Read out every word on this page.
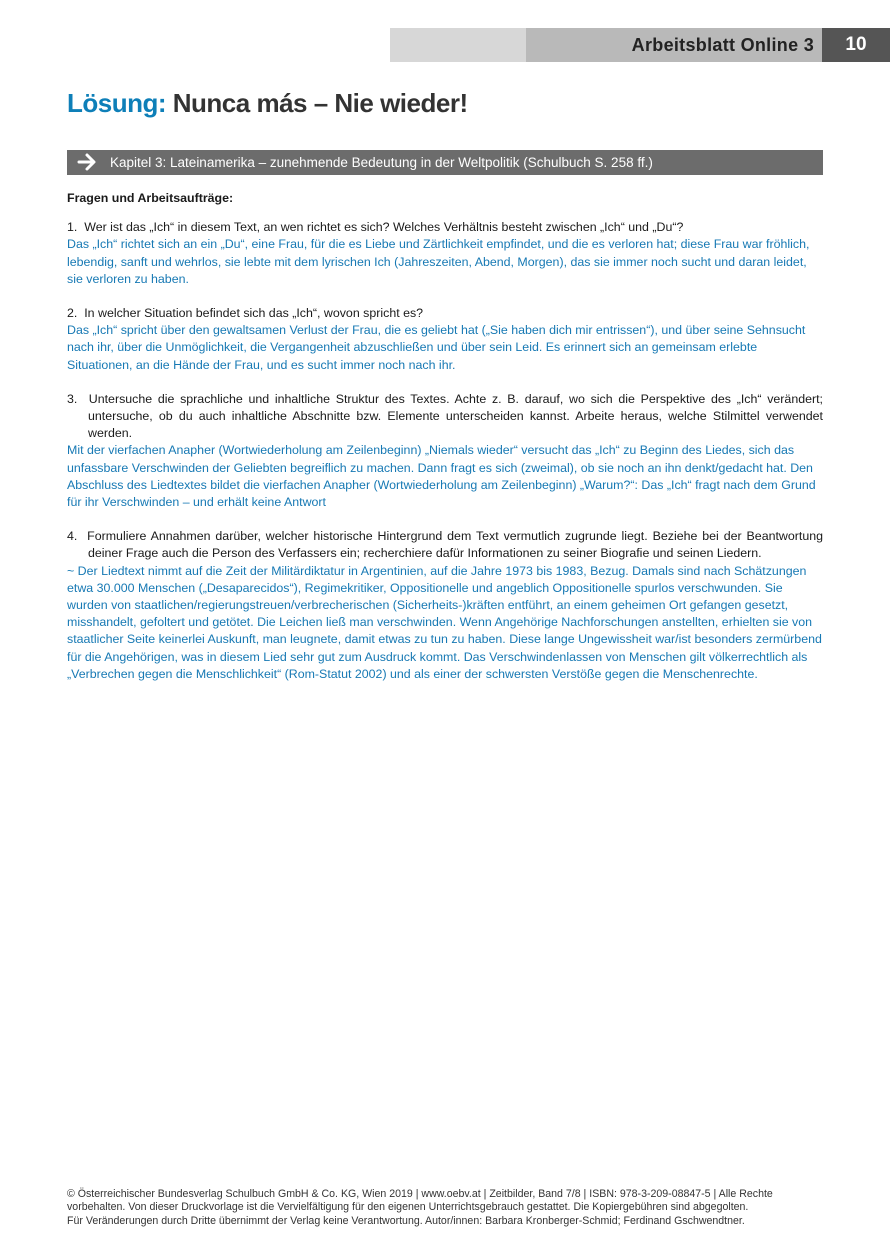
Arbeitsblatt Online 3	10
Lösung: Nunca más – Nie wieder!
Kapitel 3: Lateinamerika – zunehmende Bedeutung in der Weltpolitik (Schulbuch S. 258 ff.)
Fragen und Arbeitsaufträge:

1.  Wer ist das „Ich“ in diesem Text, an wen richtet es sich? Welches Verhältnis besteht zwischen „Ich“ und „Du“?

Das „Ich“ richtet sich an ein „Du“, eine Frau, für die es Liebe und Zärtlichkeit empfindet, und die es verloren hat; diese Frau war fröhlich, lebendig, sanft und wehrlos, sie lebte mit dem lyrischen Ich (Jahreszeiten, Abend, Morgen), das sie immer noch sucht und daran leidet, sie verloren zu haben.

2.  In welcher Situation befindet sich das „Ich“, wovon spricht es?

Das „Ich“ spricht über den gewaltsamen Verlust der Frau, die es geliebt hat („Sie haben dich mir entrissen“), und über seine Sehnsucht nach ihr, über die Unmöglichkeit, die Vergangenheit abzuschließen und über sein Leid. Es erinnert sich an gemeinsam erlebte Situationen, an die Hände der Frau, und es sucht immer noch nach ihr.

3.  Untersuche die sprachliche und inhaltliche Struktur des Textes. Achte z. B. darauf, wo sich die Perspektive des „Ich“ verändert; untersuche, ob du auch inhaltliche Abschnitte bzw. Elemente unterscheiden kannst. Arbeite heraus, welche Stilmittel verwendet werden.

Mit der vierfachen Anapher (Wortwiederholung am Zeilenbeginn) „Niemals wieder“ versucht das „Ich“ zu Beginn des Liedes, sich das unfassbare Verschwinden der Geliebten begreiflich zu machen. Dann fragt es sich (zweimal), ob sie noch an ihn denkt/gedacht hat. Den Abschluss des Liedtextes bildet die vierfachen Anapher (Wortwiederholung am Zeilenbeginn) „Warum?“: Das „Ich“ fragt nach dem Grund für ihr Verschwinden – und erhält keine Antwort

4.  Formuliere Annahmen darüber, welcher historische Hintergrund dem Text vermutlich zugrunde liegt. Beziehe bei der Beantwortung deiner Frage auch die Person des Verfassers ein; recherchiere dafür Informationen zu seiner Biografie und seinen Liedern.

~ Der Liedtext nimmt auf die Zeit der Militärdiktatur in Argentinien, auf die Jahre 1973 bis 1983, Bezug. Damals sind nach Schätzungen etwa 30.000 Menschen („Desaparecidos“), Regimekritiker, Oppositionelle und angeblich Oppositionelle spurlos verschwunden. Sie wurden von staatlichen/regierungstreuen/verbrecherischen (Sicherheits-)kräften entführt, an einem geheimen Ort gefangen gesetzt, misshandelt, gefoltert und getötet. Die Leichen ließ man verschwinden. Wenn Angehörige Nachforschungen anstellten, erhielten sie von staatlicher Seite keinerlei Auskunft, man leugnete, damit etwas zu tun zu haben. Diese lange Ungewissheit war/ist besonders zermürbend für die Angehörigen, was in diesem Lied sehr gut zum Ausdruck kommt. Das Verschwindenlassen von Menschen gilt völkerrechtlich als „Verbrechen gegen die Menschlichkeit“ (Rom-Statut 2002) und als einer der schwersten Verstöße gegen die Menschenrechte.

© Österreichischer Bundesverlag Schulbuch GmbH & Co. KG, Wien 2019 | www.oebv.at | Zeitbilder, Band 7/8 | ISBN: 978-3-209-08847-5 | Alle Rechte
vorbehalten. Von dieser Druckvorlage ist die Vervielfältigung für den eigenen Unterrichtsgebrauch gestattet. Die Kopiergebühren sind abgegolten.
Für Veränderungen durch Dritte übernimmt der Verlag keine Verantwortung. Autor/innen: Barbara Kronberger-Schmid; Ferdinand Gschwendtner.
